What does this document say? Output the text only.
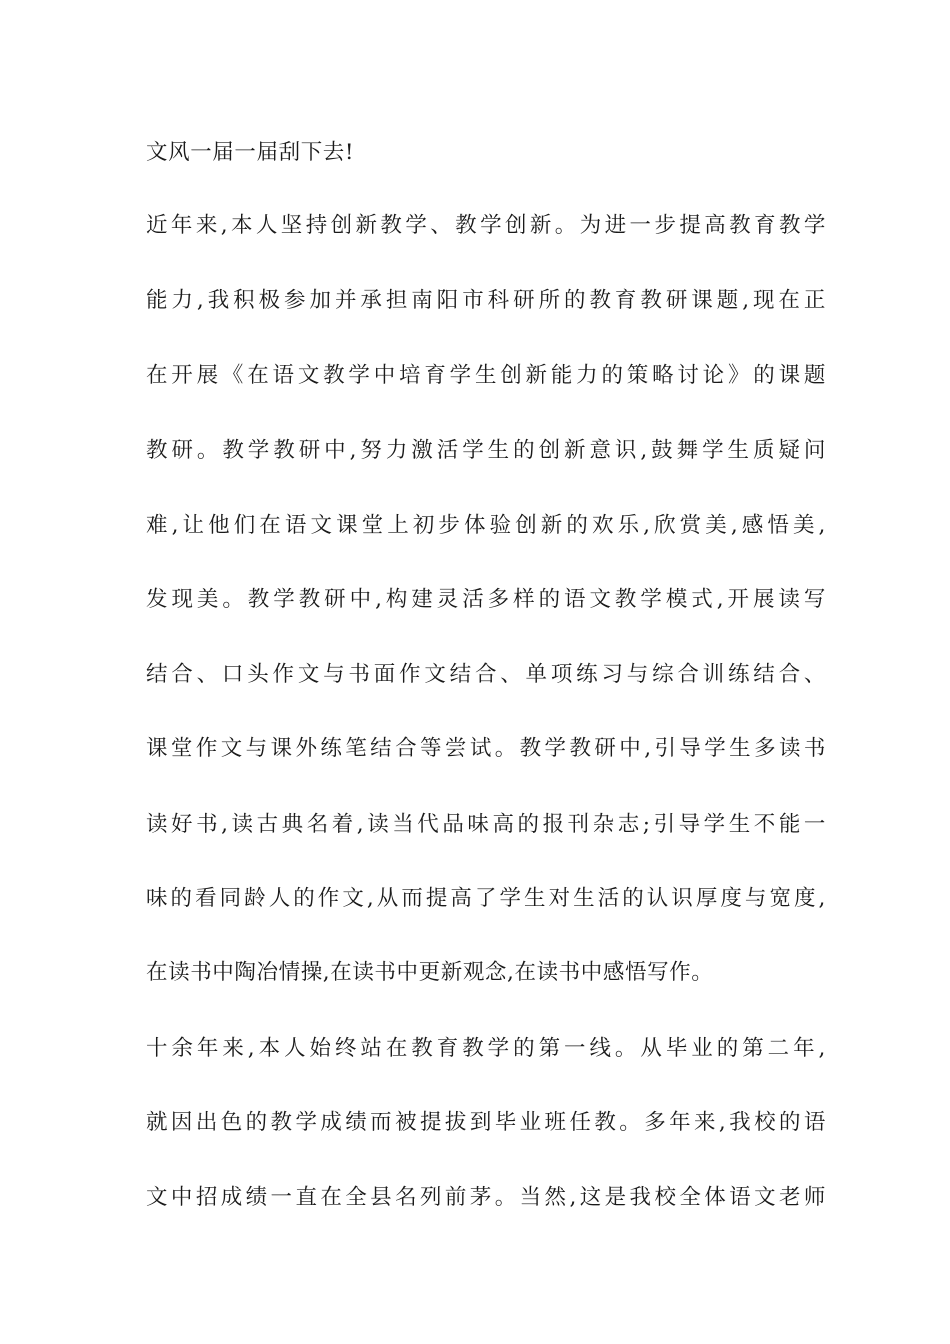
文风一届一届刮下去!

近年来,本人坚持创新教学、教学创新。为进一步提高教育教学

能力,我积极参加并承担南阳市科研所的教育教研课题,现在正

在开展《在语文教学中培育学生创新能力的策略讨论》的课题

教研。教学教研中,努力激活学生的创新意识,鼓舞学生质疑问

难,让他们在语文课堂上初步体验创新的欢乐,欣赏美,感悟美,

发现美。教学教研中,构建灵活多样的语文教学模式,开展读写

结合、口头作文与书面作文结合、单项练习与综合训练结合、

课堂作文与课外练笔结合等尝试。教学教研中,引导学生多读书

读好书,读古典名着,读当代品味高的报刊杂志;引导学生不能一

味的看同龄人的作文,从而提高了学生对生活的认识厚度与宽度,

在读书中陶冶情操,在读书中更新观念,在读书中感悟写作。

十余年来,本人始终站在教育教学的第一线。从毕业的第二年,

就因出色的教学成绩而被提拔到毕业班任教。多年来,我校的语

文中招成绩一直在全县名列前茅。当然,这是我校全体语文老师
